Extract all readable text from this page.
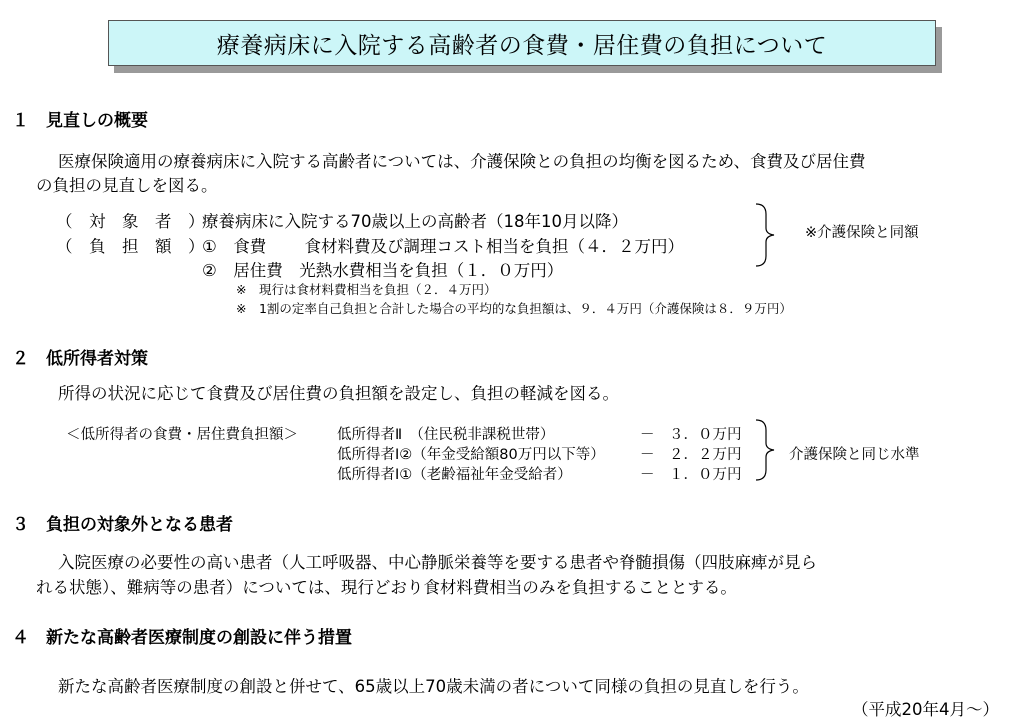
療養病床に入院する高齢者の食費・居住費の負担について
１　見直しの概要
医療保険適用の療養病床に入院する高齢者については、介護保険との負担の均衡を図るため、食費及び居住費
の負担の見直しを図る。
（　対　象　者　）
療養病床に入院する70歳以上の高齢者（18年10月以降）
（　負　担　額　）
①　食費　　 食材料費及び調理コスト相当を負担（４．２万円）
②　居住費　光熱水費相当を負担（１．０万円）
※　現行は食材料費相当を負担（２．４万円）
※　1割の定率自己負担と合計した場合の平均的な負担額は、９．４万円（介護保険は８．９万円）
※介護保険と同額
２　低所得者対策
所得の状況に応じて食費及び居住費の負担額を設定し、負担の軽減を図る。
＜低所得者の食費・居住費負担額＞	低所得者Ⅱ　（住民税非課税世帯）	－　３．０万円
低所得者Ⅰ②（年金受給額80万円以下等） －　２．２万円
低所得者Ⅰ①（老齢福祉年金受給者）	－　１．０万円
介護保険と同じ水準
３　負担の対象外となる患者
入院医療の必要性の高い患者（人工呼吸器、中心静脈栄養等を要する患者や脊髄損傷（四肢麻痺が見ら
れる状態）、難病等の患者）については、現行どおり食材料費相当のみを負担することとする。
４　新たな高齢者医療制度の創設に伴う措置
新たな高齢者医療制度の創設と併せて、65歳以上70歳未満の者について同様の負担の見直しを行う。
（平成20年4月～）
